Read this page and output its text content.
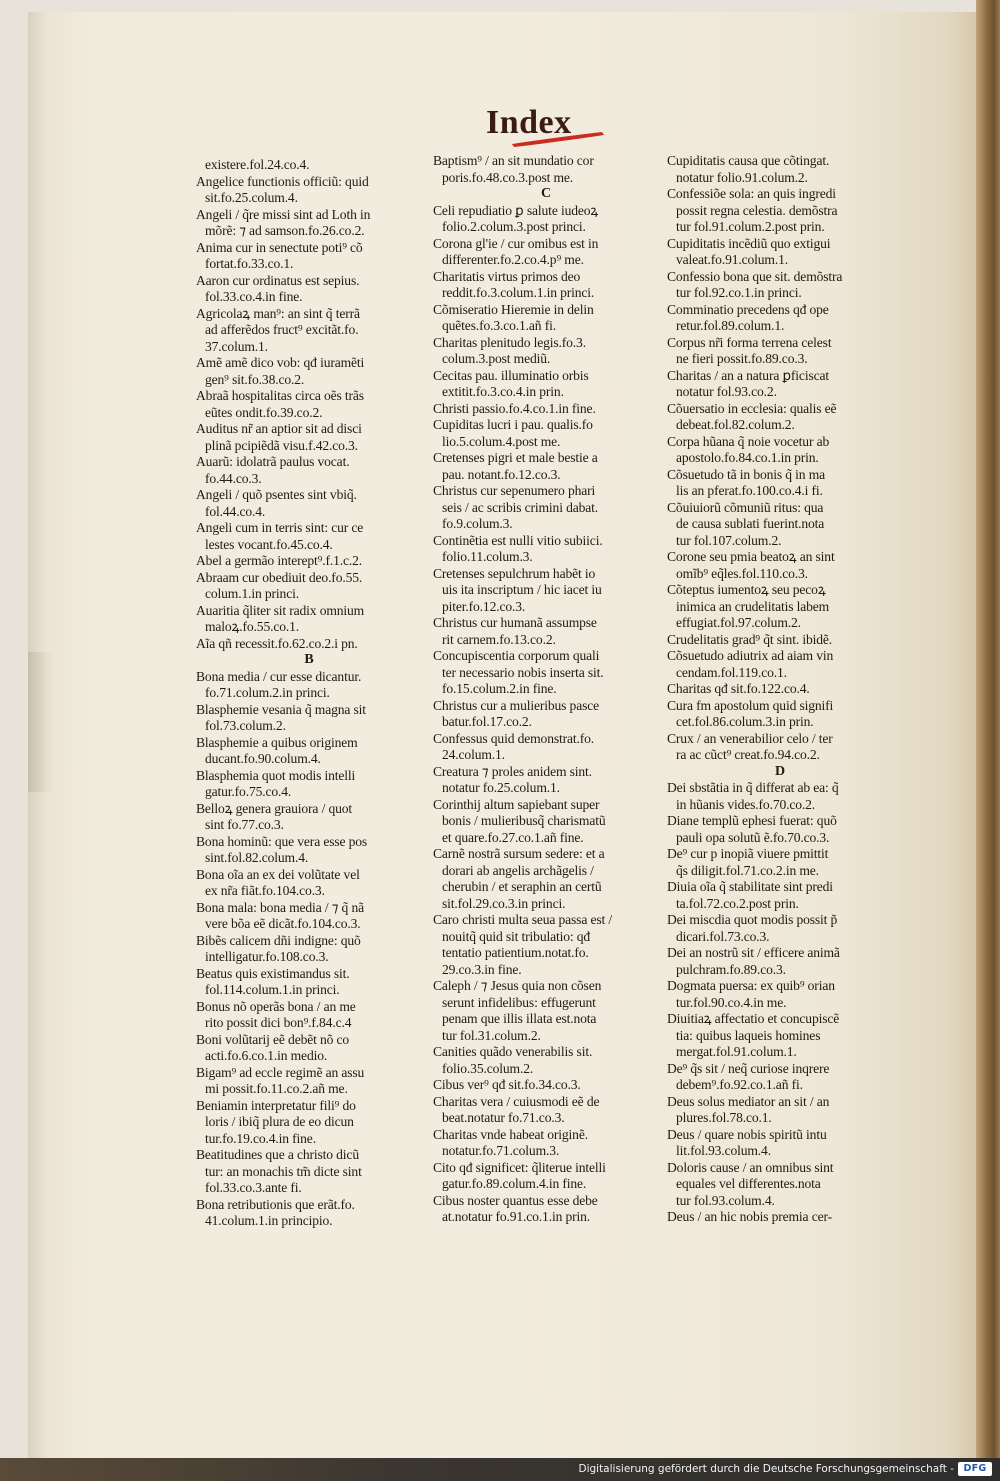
Index
existere.fol.24.co.4.
Angelice functionis officiũ: quid
sit.fo.25.colum.4.
Angeli / q̃re missi sint ad Loth in
mõrẽ: ⁊ ad samson.fo.26.co.2.
Anima cur in senectute poti⁹ cõ
fortat.fo.33.co.1.
Aaron cur ordinatus est sepius.
fol.33.co.4.in fine.
Agricolaꝝ man⁹: an sint q̃ terrã
ad afferẽdos fruct⁹ excitãt.fo.
37.colum.1.
Amẽ amẽ dico vob: qđ iuramẽti
gen⁹ sit.fo.38.co.2.
Abraã hospitalitas circa oẽs trãs
eũtes ondit.fo.39.co.2.
Auditus nr̃ an aptior sit ad disci
plinã pcipiẽdã visu.f.42.co.3.
Auarũ: idolatrã paulus vocat.
fo.44.co.3.
Angeli / quõ psentes sint vbiq̃.
fol.44.co.4.
Angeli cum in terris sint: cur ce
lestes vocant.fo.45.co.4.
Abel a germão interept⁹.f.1.c.2.
Abraam cur obediuit deo.fo.55.
colum.1.in princi.
Auaritia q̃liter sit radix omnium
maloꝝ.fo.55.co.1.
Aĩa qñ recessit.fo.62.co.2.i pn.
B
Bona media / cur esse dicantur.
fo.71.colum.2.in princi.
Blasphemie vesania q̃ magna sit
fol.73.colum.2.
Blasphemie a quibus originem
ducant.fo.90.colum.4.
Blasphemia quot modis intelli
gatur.fo.75.co.4.
Belloꝝ genera grauiora / quot
sint fo.77.co.3.
Bona hominũ: que vera esse pos
sint.fol.82.colum.4.
Bona oĩa an ex dei volũtate vel
ex nr̃a fiãt.fo.104.co.3.
Bona mala: bona media / ⁊ q̃ nã
vere bõa eẽ dicãt.fo.104.co.3.
Bibẽs calicem dñi indigne: quõ
intelligatur.fo.108.co.3.
Beatus quis existimandus sit.
fol.114.colum.1.in princi.
Bonus nõ operãs bona / an me
rito possit dici bon⁹.f.84.c.4
Boni volũtarij eẽ debẽt nõ co
acti.fo.6.co.1.in medio.
Bigam⁹ ad eccle regimẽ an assu
mi possit.fo.11.co.2.añ me.
Beniamin interpretatur fili⁹ do
loris / ibiq̃ plura de eo dicun
tur.fo.19.co.4.in fine.
Beatitudines que a christo dicũ
tur: an monachis tm̃ dicte sint
fol.33.co.3.ante fi.
Bona retributionis que erãt.fo.
41.colum.1.in principio.
Baptism⁹ / an sit mundatio cor
poris.fo.48.co.3.post me.
C
Celi repudiatio ꝑ salute iudeoꝝ
folio.2.colum.3.post princi.
Corona gl'ie / cur omibus est in
differenter.fo.2.co.4.p⁹ me.
Charitatis virtus primos deo
reddit.fo.3.colum.1.in princi.
Cõmiseratio Hieremie in delin
quẽtes.fo.3.co.1.añ fi.
Charitas plenitudo legis.fo.3.
colum.3.post mediũ.
Cecitas pau. illuminatio orbis
extitit.fo.3.co.4.in prin.
Christi passio.fo.4.co.1.in fine.
Cupiditas lucri i pau. qualis.fo
lio.5.colum.4.post me.
Cretenses pigri et male bestie a
pau. notant.fo.12.co.3.
Christus cur sepenumero phari
seis / ac scribis crimini dabat.
fo.9.colum.3.
Continẽtia est nulli vitio subiici.
folio.11.colum.3.
Cretenses sepulchrum habẽt io
uis ita inscriptum / hic iacet iu
piter.fo.12.co.3.
Christus cur humanã assumpse
rit carnem.fo.13.co.2.
Concupiscentia corporum quali
ter necessario nobis inserta sit.
fo.15.colum.2.in fine.
Christus cur a mulieribus pasce
batur.fol.17.co.2.
Confessus quid demonstrat.fo.
24.colum.1.
Creatura ⁊ proles anidem sint.
notatur fo.25.colum.1.
Corinthij altum sapiebant super
bonis / mulieribusq̃ charismatũ
et quare.fo.27.co.1.añ fine.
Carnẽ nostrã sursum sedere: et a
dorari ab angelis archãgelis /
cherubin / et seraphin an certũ
sit.fol.29.co.3.in princi.
Caro christi multa seua passa est /
nouitq̃ quid sit tribulatio: qđ
tentatio patientium.notat.fo.
29.co.3.in fine.
Caleph / ⁊ Jesus quia non cõsen
serunt infidelibus: effugerunt
penam que illis illata est.nota
tur fol.31.colum.2.
Canities quãdo venerabilis sit.
folio.35.colum.2.
Cibus ver⁹ qđ sit.fo.34.co.3.
Charitas vera / cuiusmodi eẽ de
beat.notatur fo.71.co.3.
Charitas vnde habeat originẽ.
notatur.fo.71.colum.3.
Cito qđ significet: q̃literue intelli
gatur.fo.89.colum.4.in fine.
Cibus noster quantus esse debe
at.notatur fo.91.co.1.in prin.
Cupiditatis causa que cõtingat.
notatur folio.91.colum.2.
Confessiõe sola: an quis ingredi
possit regna celestia. demõstra
tur fol.91.colum.2.post prin.
Cupiditatis incẽdiũ quo extigui
valeat.fo.91.colum.1.
Confessio bona que sit. demõstra
tur fol.92.co.1.in princi.
Comminatio precedens qđ ope
retur.fol.89.colum.1.
Corpus nr̃i forma terrena celest
ne fieri possit.fo.89.co.3.
Charitas / an a natura ꝑficiscat
notatur fol.93.co.2.
Cõuersatio in ecclesia: qualis eẽ
debeat.fol.82.colum.2.
Corpa hũana q̃ noie vocetur ab
apostolo.fo.84.co.1.in prin.
Cõsuetudo tã in bonis q̃ in ma
lis an pferat.fo.100.co.4.i fi.
Cõuiuiorũ cõmuniũ ritus: qua
de causa sublati fuerint.nota
tur fol.107.colum.2.
Corone seu pmia beatoꝝ an sint
omĩb⁹ eq̃les.fol.110.co.3.
Cõteptus iumentoꝝ seu pecoꝝ
inimica an crudelitatis labem
effugiat.fol.97.colum.2.
Crudelitatis grad⁹ q̃t sint. ibidẽ.
Cõsuetudo adiutrix ad aiam vin
cendam.fol.119.co.1.
Charitas qđ sit.fo.122.co.4.
Cura fm apostolum quid signifi
cet.fol.86.colum.3.in prin.
Crux / an venerabilior celo / ter
ra ac cũct⁹ creat.fo.94.co.2.
D
Dei sbstãtia in q̃ differat ab ea: q̃
in hũanis vides.fo.70.co.2.
Diane templũ ephesi fuerat: quõ
pauli opa solutũ ẽ.fo.70.co.3.
De⁹ cur p inopiã viuere pmittit
q̃s diligit.fol.71.co.2.in me.
Diuia oĩa q̃ stabilitate sint predi
ta.fol.72.co.2.post prin.
Dei miscdia quot modis possit p̃
dicari.fol.73.co.3.
Dei an nostrũ sit / efficere animã
pulchram.fo.89.co.3.
Dogmata puersa: ex quib⁹ orian
tur.fol.90.co.4.in me.
Diuitiaꝝ affectatio et concupiscẽ
tia: quibus laqueis homines
mergat.fol.91.colum.1.
De⁹ q̃s sit / neq̃ curiose inqrere
debem⁹.fo.92.co.1.añ fi.
Deus solus mediator an sit / an
plures.fol.78.co.1.
Deus / quare nobis spiritũ intu
lit.fol.93.colum.4.
Doloris cause / an omnibus sint
equales vel differentes.nota
tur fol.93.colum.4.
Deus / an hic nobis premia cer-
Digitalisierung gefördert durch die Deutsche Forschungsgemeinschaft - DFG
